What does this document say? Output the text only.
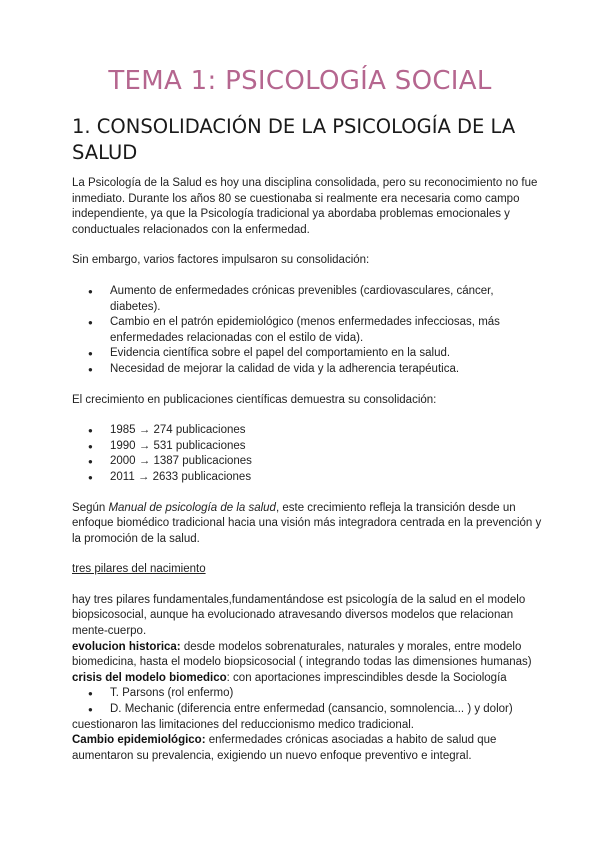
TEMA 1: PSICOLOGÍA SOCIAL
1. CONSOLIDACIÓN DE LA PSICOLOGÍA DE LA SALUD

La Psicología de la Salud es hoy una disciplina consolidada, pero su reconocimiento no fue inmediato. Durante los años 80 se cuestionaba si realmente era necesaria como campo independiente, ya que la Psicología tradicional ya abordaba problemas emocionales y conductuales relacionados con la enfermedad.

Sin embargo, varios factores impulsaron su consolidación:

● Aumento de enfermedades crónicas prevenibles (cardiovasculares, cáncer, diabetes).
● Cambio en el patrón epidemiológico (menos enfermedades infecciosas, más enfermedades relacionadas con el estilo de vida).
● Evidencia científica sobre el papel del comportamiento en la salud.
● Necesidad de mejorar la calidad de vida y la adherencia terapéutica.

El crecimiento en publicaciones científicas demuestra su consolidación:

● 1985 → 274 publicaciones
● 1990 → 531 publicaciones
● 2000 → 1387 publicaciones
● 2011 → 2633 publicaciones

Según Manual de psicología de la salud, este crecimiento refleja la transición desde un enfoque biomédico tradicional hacia una visión más integradora centrada en la prevención y la promoción de la salud.

tres pilares del nacimiento

hay tres pilares fundamentales,fundamentándose est psicología de la salud en el modelo biopsicosocial, aunque ha evolucionado atravesando diversos modelos que relacionan mente-cuerpo.

evolucion historica: desde modelos sobrenaturales, naturales y morales, entre modelo biomedicina, hasta el modelo biopsicosocial ( integrando todas las dimensiones humanas)

crisis del modelo biomedico: con aportaciones imprescindibles desde la Sociología

● T. Parsons (rol enfermo)
● D. Mechanic (diferencia entre enfermedad (cansancio, somnolencia... ) y dolor)

cuestionaron las limitaciones del reduccionismo medico tradicional.

Cambio epidemiológico: enfermedades crónicas asociadas a habito de salud que aumentaron su prevalencia, exigiendo un nuevo enfoque preventivo e integral.
